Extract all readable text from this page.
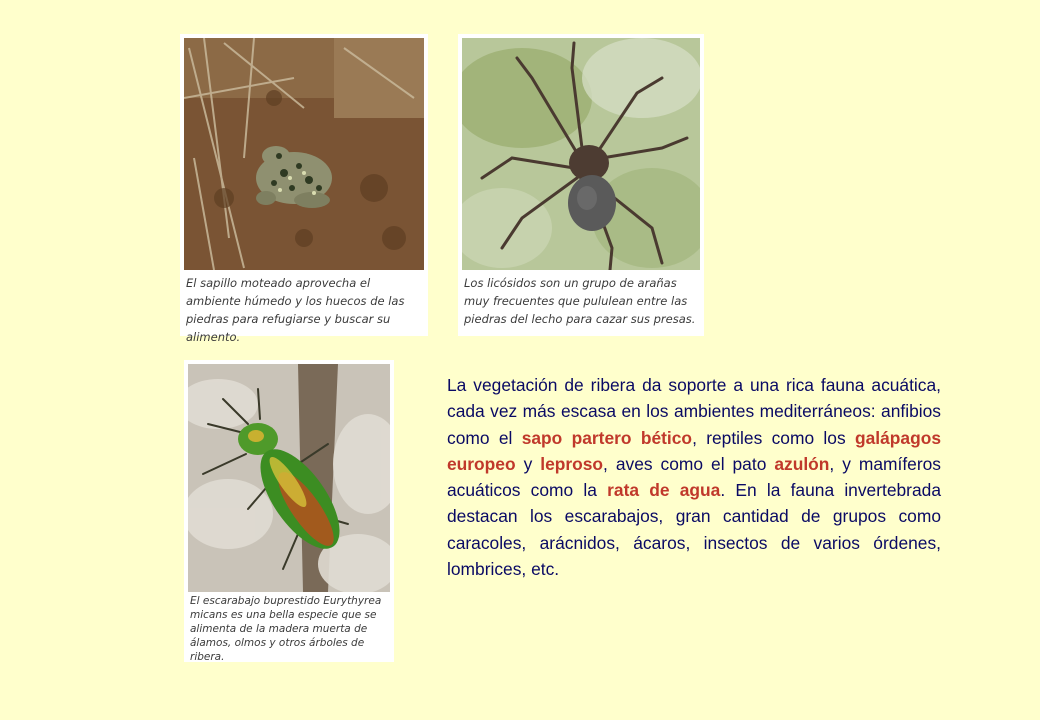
El sapillo moteado aprovecha el ambiente húmedo y los huecos de las piedras para refugiarse y buscar su alimento.
Los licósidos son un grupo de arañas muy frecuentes que pululean entre las piedras del lecho para cazar sus presas.
El escarabajo buprestido Eurythyrea micans es una bella especie que se alimenta de la madera muerta de álamos, olmos y otros árboles de ribera.
La vegetación de ribera da soporte a una rica fauna acuática, cada vez más escasa en los ambientes mediterráneos: anfibios como el sapo partero bético, reptiles como los galápagos europeo y leproso, aves como el pato azulón, y mamíferos acuáticos como la rata de agua. En la fauna invertebrada destacan los escarabajos, gran cantidad de grupos como caracoles, arácnidos, ácaros, insectos de varios órdenes, lombrices, etc.
